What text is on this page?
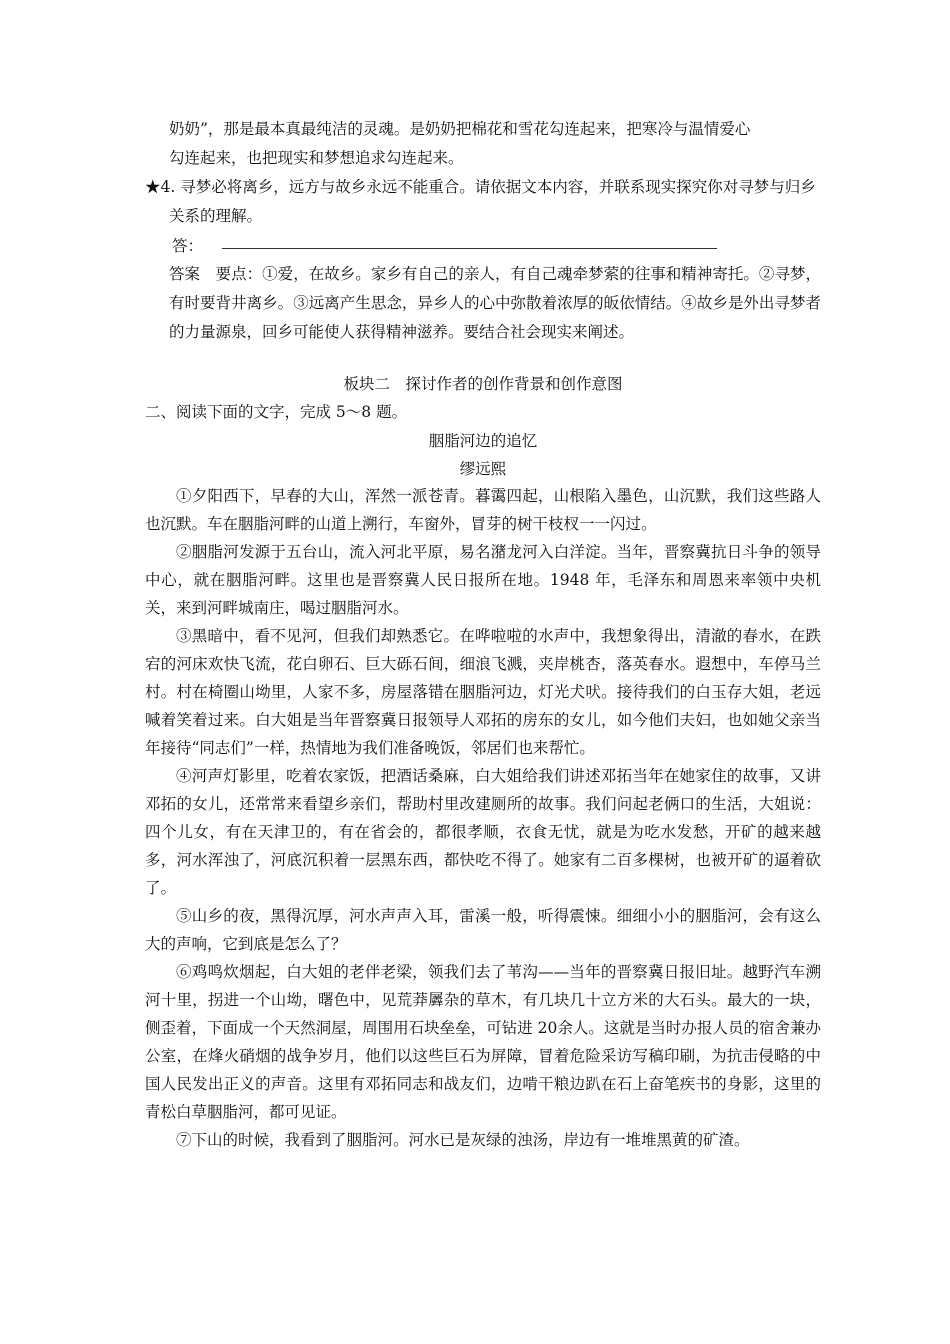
奶奶”，那是最本真最纯洁的灵魂。是奶奶把棉花和雪花勾连起来，把寒冷与温情爱心

勾连起来，也把现实和梦想追求勾连起来。

★4. 寻梦必将离乡，远方与故乡永远不能重合。请依据文本内容，并联系现实探究你对寻梦与归乡关系的理解。

答：

答案　要点：①爱，在故乡。家乡有自己的亲人，有自己魂牵梦萦的往事和精神寄托。②寻梦，有时要背井离乡。③远离产生思念，异乡人的心中弥散着浓厚的皈依情结。④故乡是外出寻梦者的力量源泉，回乡可能使人获得精神滋养。要结合社会现实来阐述。

板块二　探讨作者的创作背景和创作意图
二、阅读下面的文字，完成 5～8 题。
胭脂河边的追忆
缪远熙

①夕阳西下，早春的大山，浑然一派苍青。暮霭四起，山根陷入墨色，山沉默，我们这些路人也沉默。车在胭脂河畔的山道上溯行，车窗外，冒芽的树干枝杈一一闪过。

②胭脂河发源于五台山，流入河北平原，易名潴龙河入白洋淀。当年，晋察冀抗日斗争的领导中心，就在胭脂河畔。这里也是晋察冀人民日报所在地。1948 年，毛泽东和周恩来率领中央机关，来到河畔城南庄，喝过胭脂河水。

③黑暗中，看不见河，但我们却熟悉它。在哗啦啦的水声中，我想象得出，清澈的春水，在跌宕的河床欢快飞流，花白卵石、巨大砾石间，细浪飞溅，夹岸桃杏，落英春水。遐想中，车停马兰村。村在椅圈山坳里，人家不多，房屋落错在胭脂河边，灯光犬吠。接待我们的白玉存大姐，老远喊着笑着过来。白大姐是当年晋察冀日报领导人邓拓的房东的女儿，如今他们夫妇，也如她父亲当年接待“同志们”一样，热情地为我们准备晚饭，邻居们也来帮忙。

④河声灯影里，吃着农家饭，把酒话桑麻，白大姐给我们讲述邓拓当年在她家住的故事，又讲邓拓的女儿，还常常来看望乡亲们，帮助村里改建厕所的故事。我们问起老俩口的生活，大姐说：四个儿女，有在天津卫的，有在省会的，都很孝顺，衣食无忧，就是为吃水发愁，开矿的越来越多，河水浑浊了，河底沉积着一层黑东西，都快吃不得了。她家有二百多棵树，也被开矿的逼着砍了。

⑤山乡的夜，黑得沉厚，河水声声入耳，雷溪一般，听得震悚。细细小小的胭脂河，会有这么大的声响，它到底是怎么了？

⑥鸡鸣炊烟起，白大姐的老伴老梁，领我们去了苇沟——当年的晋察冀日报旧址。越野汽车溯河十里，拐进一个山坳，曙色中，见荒莽羼杂的草木，有几块几十立方米的大石头。最大的一块，侧歪着，下面成一个天然洞屋，周围用石块垒垒，可钻进 20余人。这就是当时办报人员的宿舍兼办公室，在烽火硝烟的战争岁月，他们以这些巨石为屏障，冒着危险采访写稿印刷，为抗击侵略的中国人民发出正义的声音。这里有邓拓同志和战友们，边啃干粮边趴在石上奋笔疾书的身影，这里的青松白草胭脂河，都可见证。

⑦下山的时候，我看到了胭脂河。河水已是灰绿的浊汤，岸边有一堆堆黑黄的矿渣。
